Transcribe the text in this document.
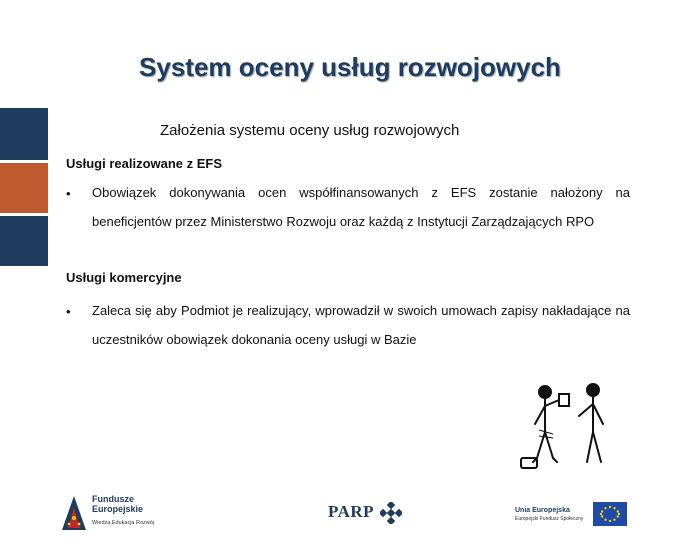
System oceny usług rozwojowych
Założenia systemu oceny usług rozwojowych
Usługi realizowane z EFS
• Obowiązek dokonywania ocen współfinansowanych z EFS zostanie nałożony na beneficjentów przez Ministerstwo Rozwoju oraz każdą z Instytucji Zarządzających RPO
Usługi komercyjne
• Zaleca się aby Podmiot je realizujący, wprowadził w swoich umowach zapisy nakładające na uczestników obowiązek dokonania oceny usługi w Bazie
Fundusze
Europejskie
Wiedza Edukacja Rozwój
PARP	Unia Europejska
Europejski Fundusz Społeczny
